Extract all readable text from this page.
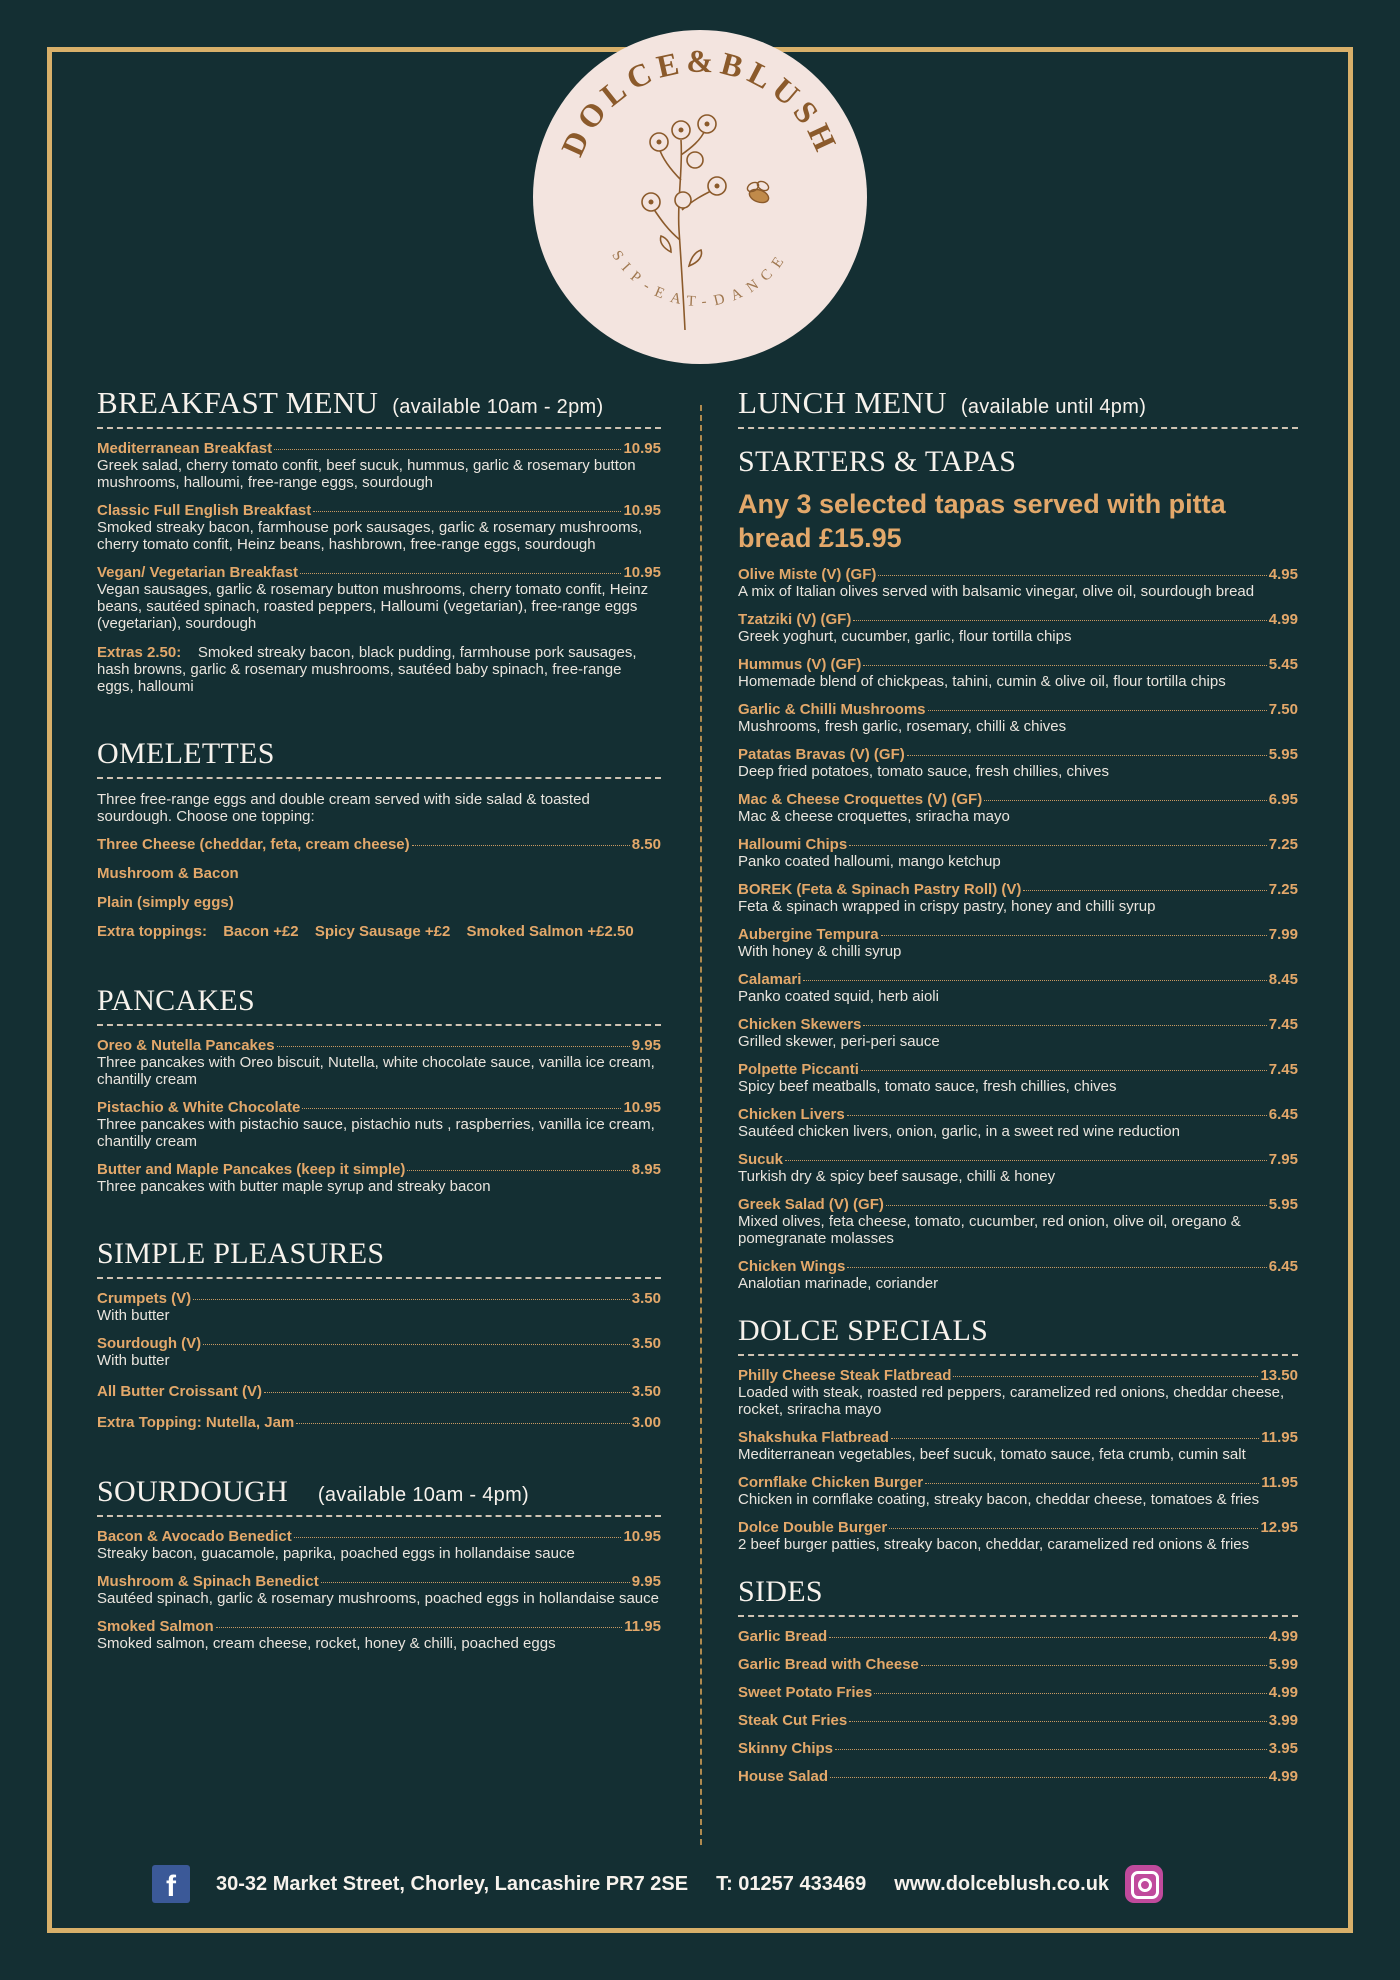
DOLCE&BLUSH
SIP-EAT-DANCE
BREAKFAST MENU (available 10am - 2pm)
Mediterranean Breakfast	10.95
Greek salad, cherry tomato confit, beef sucuk, hummus, garlic & rosemary button mushrooms, halloumi, free-range eggs, sourdough
Classic Full English Breakfast	10.95
Smoked streaky bacon, farmhouse pork sausages, garlic & rosemary mushrooms, cherry tomato confit, Heinz beans, hashbrown, free-range eggs, sourdough
Vegan/ Vegetarian Breakfast	10.95
Vegan sausages, garlic & rosemary button mushrooms, cherry tomato confit, Heinz beans, sautéed spinach, roasted peppers, Halloumi (vegetarian), free-range eggs (vegetarian), sourdough
Extras 2.50: Smoked streaky bacon, black pudding, farmhouse pork sausages, hash browns, garlic & rosemary mushrooms, sautéed baby spinach, free-range eggs, halloumi
OMELETTES
Three free-range eggs and double cream served with side salad & toasted sourdough. Choose one topping:
Three Cheese (cheddar, feta, cream cheese)	8.50
Mushroom & Bacon
Plain (simply eggs)
Extra toppings: Bacon +£2 Spicy Sausage +£2 Smoked Salmon +£2.50
PANCAKES
Oreo & Nutella Pancakes	9.95
Three pancakes with Oreo biscuit, Nutella, white chocolate sauce, vanilla ice cream, chantilly cream
Pistachio & White Chocolate	10.95
Three pancakes with pistachio sauce, pistachio nuts , raspberries, vanilla ice cream, chantilly cream
Butter and Maple Pancakes (keep it simple)	8.95
Three pancakes with butter maple syrup and streaky bacon
SIMPLE PLEASURES
Crumpets (V)	3.50
With butter
Sourdough (V)	3.50
With butter
All Butter Croissant (V)	3.50
Extra Topping: Nutella, Jam	3.00
SOURDOUGH (available 10am - 4pm)
Bacon & Avocado Benedict	10.95
Streaky bacon, guacamole, paprika, poached eggs in hollandaise sauce
Mushroom & Spinach Benedict	9.95
Sautéed spinach, garlic & rosemary mushrooms, poached eggs in hollandaise sauce
Smoked Salmon	11.95
Smoked salmon, cream cheese, rocket, honey & chilli, poached eggs
LUNCH MENU (available until 4pm)
STARTERS & TAPAS
Any 3 selected tapas served with pitta bread £15.95
Olive Miste (V) (GF)	4.95
A mix of Italian olives served with balsamic vinegar, olive oil, sourdough bread
Tzatziki (V) (GF)	4.99
Greek yoghurt, cucumber, garlic, flour tortilla chips
Hummus (V) (GF)	5.45
Homemade blend of chickpeas, tahini, cumin & olive oil, flour tortilla chips
Garlic & Chilli Mushrooms	7.50
Mushrooms, fresh garlic, rosemary, chilli & chives
Patatas Bravas (V) (GF)	5.95
Deep fried potatoes, tomato sauce, fresh chillies, chives
Mac & Cheese Croquettes (V) (GF)	6.95
Mac & cheese croquettes, sriracha mayo
Halloumi Chips	7.25
Panko coated halloumi, mango ketchup
BOREK (Feta & Spinach Pastry Roll) (V)	7.25
Feta & spinach wrapped in crispy pastry, honey and chilli syrup
Aubergine Tempura	7.99
With honey & chilli syrup
Calamari	8.45
Panko coated squid, herb aioli
Chicken Skewers	7.45
Grilled skewer, peri-peri sauce
Polpette Piccanti	7.45
Spicy beef meatballs, tomato sauce, fresh chillies, chives
Chicken Livers	6.45
Sautéed chicken livers, onion, garlic, in a sweet red wine reduction
Sucuk	7.95
Turkish dry & spicy beef sausage, chilli & honey
Greek Salad (V) (GF)	5.95
Mixed olives, feta cheese, tomato, cucumber, red onion, olive oil, oregano & pomegranate molasses
Chicken Wings	6.45
Analotian marinade, coriander
DOLCE SPECIALS
Philly Cheese Steak Flatbread	13.50
Loaded with steak, roasted red peppers, caramelized red onions, cheddar cheese, rocket, sriracha mayo
Shakshuka Flatbread	11.95
Mediterranean vegetables, beef sucuk, tomato sauce, feta crumb, cumin salt
Cornflake Chicken Burger	11.95
Chicken in cornflake coating, streaky bacon, cheddar cheese, tomatoes & fries
Dolce Double Burger	12.95
2 beef burger patties, streaky bacon, cheddar, caramelized red onions & fries
SIDES
Garlic Bread	4.99
Garlic Bread with Cheese	5.99
Sweet Potato Fries	4.99
Steak Cut Fries	3.99
Skinny Chips	3.95
House Salad	4.99
f	30-32 Market Street, Chorley, Lancashire PR7 2SE T: 01257 433469 www.dolceblush.co.uk
